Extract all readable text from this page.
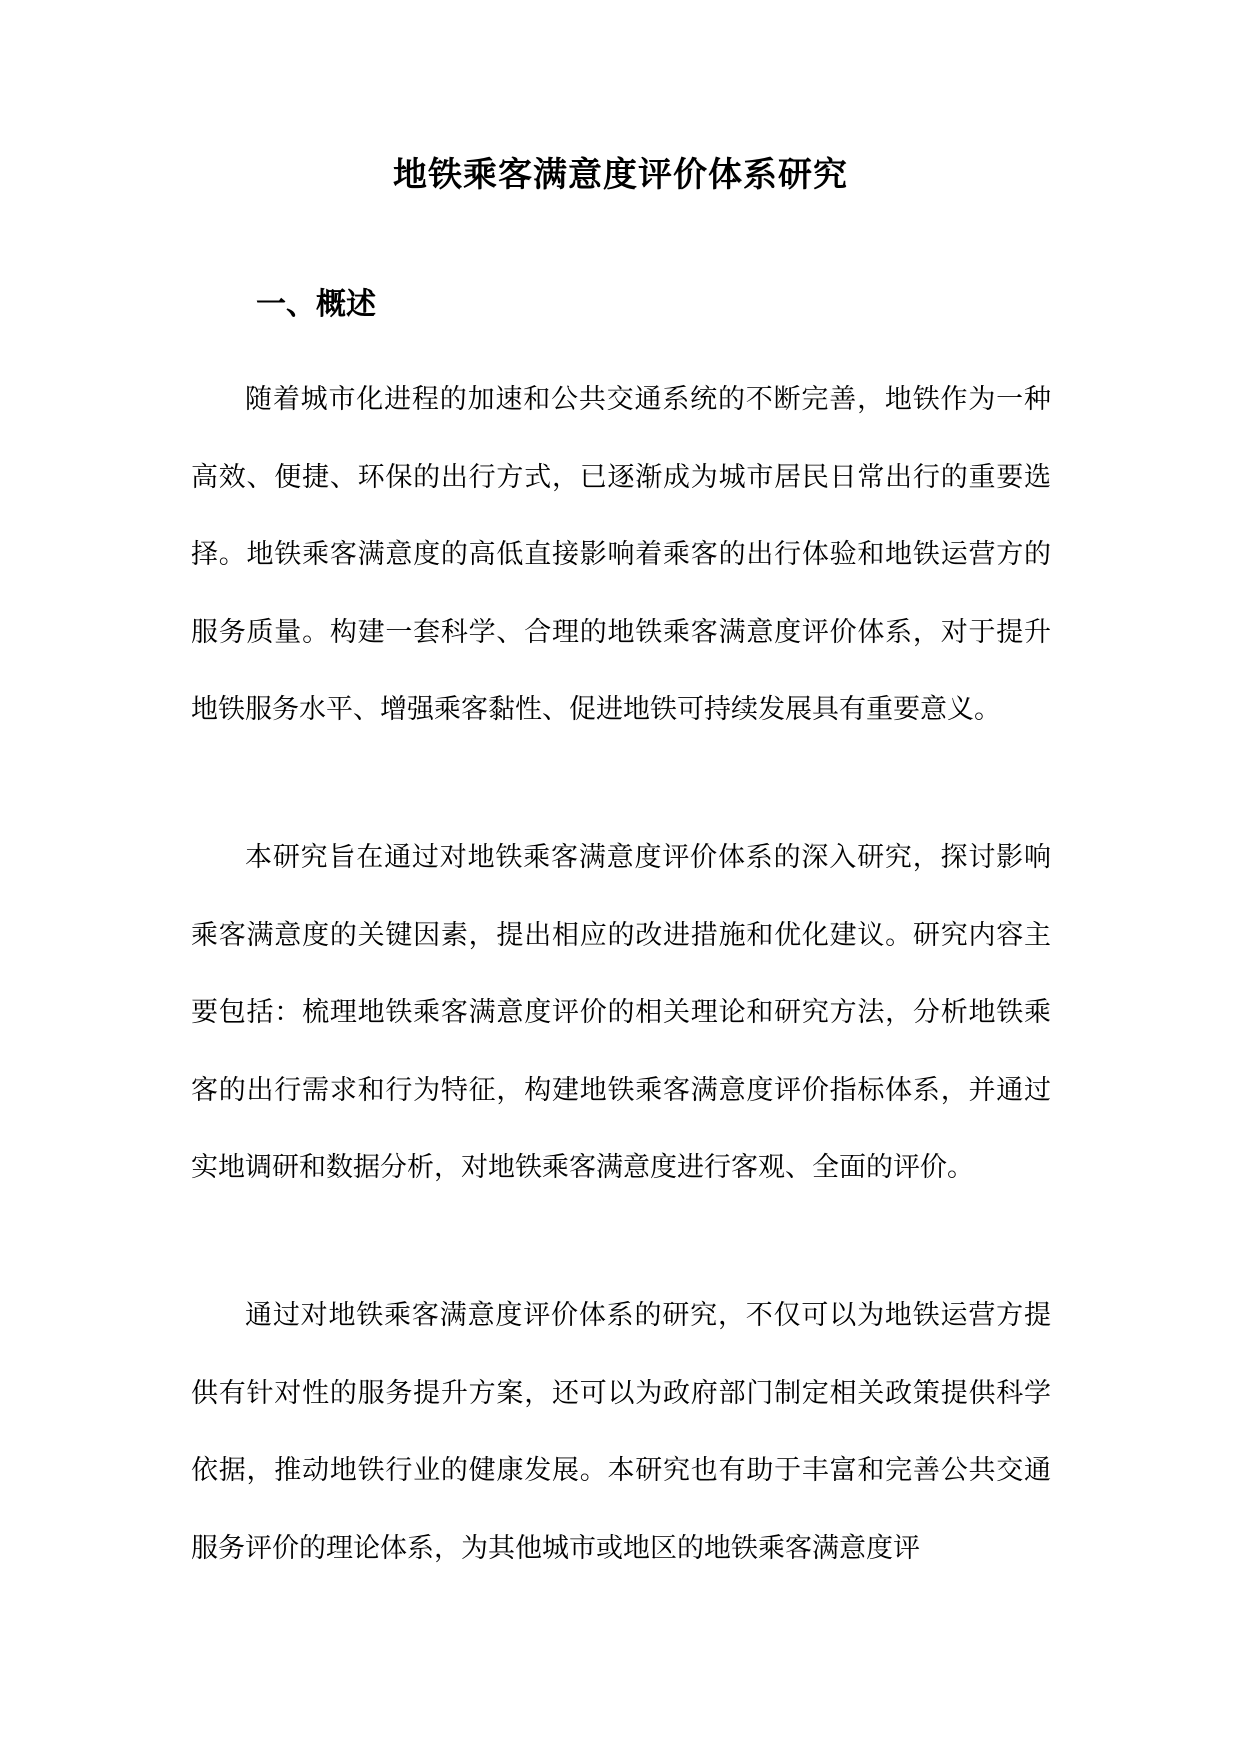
地铁乘客满意度评价体系研究
一、概述

随着城市化进程的加速和公共交通系统的不断完善，地铁作为一种高效、便捷、环保的出行方式，已逐渐成为城市居民日常出行的重要选择。地铁乘客满意度的高低直接影响着乘客的出行体验和地铁运营方的服务质量。构建一套科学、合理的地铁乘客满意度评价体系，对于提升地铁服务水平、增强乘客黏性、促进地铁可持续发展具有重要意义。

本研究旨在通过对地铁乘客满意度评价体系的深入研究，探讨影响乘客满意度的关键因素，提出相应的改进措施和优化建议。研究内容主要包括：梳理地铁乘客满意度评价的相关理论和研究方法，分析地铁乘客的出行需求和行为特征，构建地铁乘客满意度评价指标体系，并通过实地调研和数据分析，对地铁乘客满意度进行客观、全面的评价。

通过对地铁乘客满意度评价体系的研究，不仅可以为地铁运营方提供有针对性的服务提升方案，还可以为政府部门制定相关政策提供科学依据，推动地铁行业的健康发展。本研究也有助于丰富和完善公共交通服务评价的理论体系，为其他城市或地区的地铁乘客满意度评
